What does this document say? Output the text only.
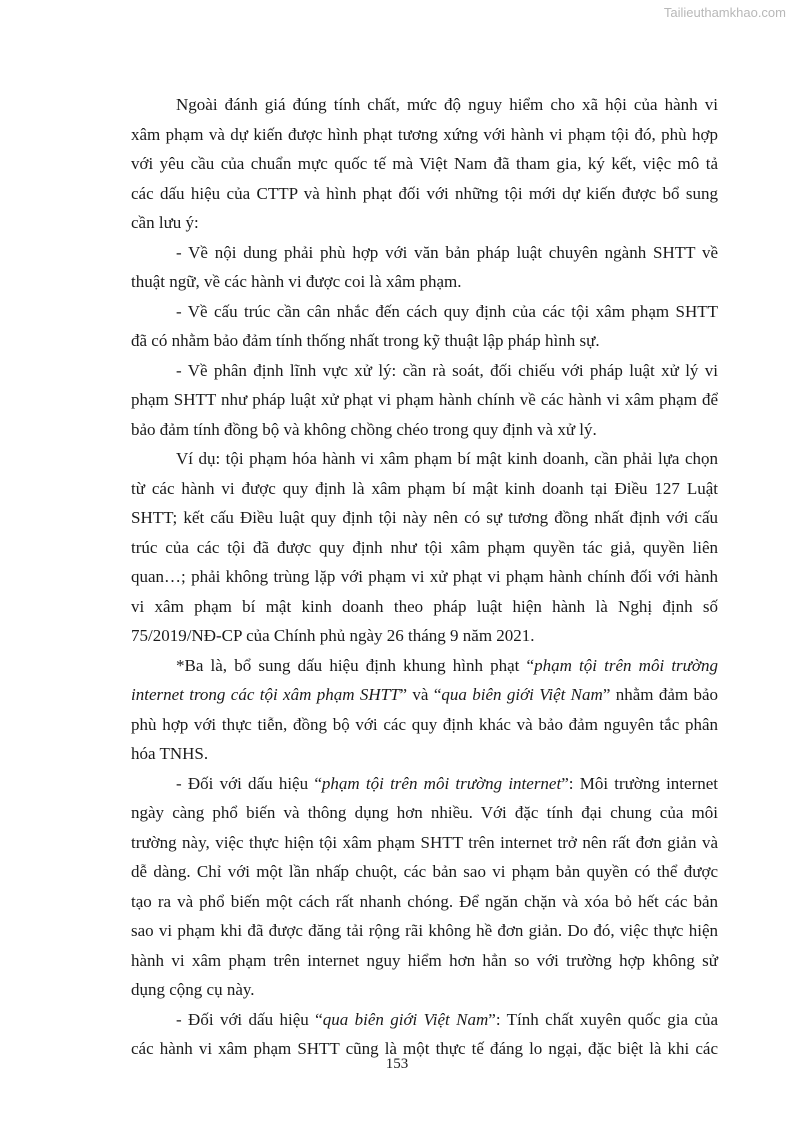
Tailieuthamkhao.com
Ngoài đánh giá đúng tính chất, mức độ nguy hiểm cho xã hội của hành vi
xâm phạm và dự kiến được hình phạt tương xứng với hành vi phạm tội đó, phù hợp
với yêu cầu của chuẩn mực quốc tế mà Việt Nam đã tham gia, ký kết, việc mô tả
các dấu hiệu của CTTP và hình phạt đối với những tội mới dự kiến được bổ sung
cần lưu ý:
- Về nội dung phải phù hợp với văn bản pháp luật chuyên ngành SHTT về
thuật ngữ, về các hành vi được coi là xâm phạm.
- Về cấu trúc cần cân nhắc đến cách quy định của các tội xâm phạm SHTT
đã có nhằm bảo đảm tính thống nhất trong kỹ thuật lập pháp hình sự.
- Về phân định lĩnh vực xử lý: cần rà soát, đối chiếu với pháp luật xử lý vi
phạm SHTT như pháp luật xử phạt vi phạm hành chính về các hành vi xâm phạm để
bảo đảm tính đồng bộ và không chồng chéo trong quy định và xử lý.
Ví dụ: tội phạm hóa hành vi xâm phạm bí mật kinh doanh, cần phải lựa chọn
từ các hành vi được quy định là xâm phạm bí mật kinh doanh tại Điều 127 Luật
SHTT; kết cấu Điều luật quy định tội này nên có sự tương đồng nhất định với cấu
trúc của các tội đã được quy định như tội xâm phạm quyền tác giả, quyền liên
quan…; phải không trùng lặp với phạm vi xử phạt vi phạm hành chính đối với hành
vi xâm phạm bí mật kinh doanh theo pháp luật hiện hành là Nghị định số
75/2019/NĐ-CP của Chính phủ ngày 26 tháng 9 năm 2021.
*Ba là, bổ sung dấu hiệu định khung hình phạt “phạm tội trên môi trường
internet trong các tội xâm phạm SHTT” và “qua biên giới Việt Nam” nhằm đảm bảo
phù hợp với thực tiễn, đồng bộ với các quy định khác và bảo đảm nguyên tắc phân
hóa TNHS.
- Đối với dấu hiệu “phạm tội trên môi trường internet”: Môi trường internet
ngày càng phổ biến và thông dụng hơn nhiều. Với đặc tính đại chung của môi
trường này, việc thực hiện tội xâm phạm SHTT trên internet trở nên rất đơn giản và
dễ dàng. Chỉ với một lần nhấp chuột, các bản sao vi phạm bản quyền có thể được
tạo ra và phổ biến một cách rất nhanh chóng. Để ngăn chặn và xóa bỏ hết các bản
sao vi phạm khi đã được đăng tải rộng rãi không hề đơn giản. Do đó, việc thực hiện
hành vi xâm phạm trên internet nguy hiểm hơn hẳn so với trường hợp không sử
dụng cộng cụ này.
- Đối với dấu hiệu “qua biên giới Việt Nam”: Tính chất xuyên quốc gia của
các hành vi xâm phạm SHTT cũng là một thực tế đáng lo ngại, đặc biệt là khi các
153
